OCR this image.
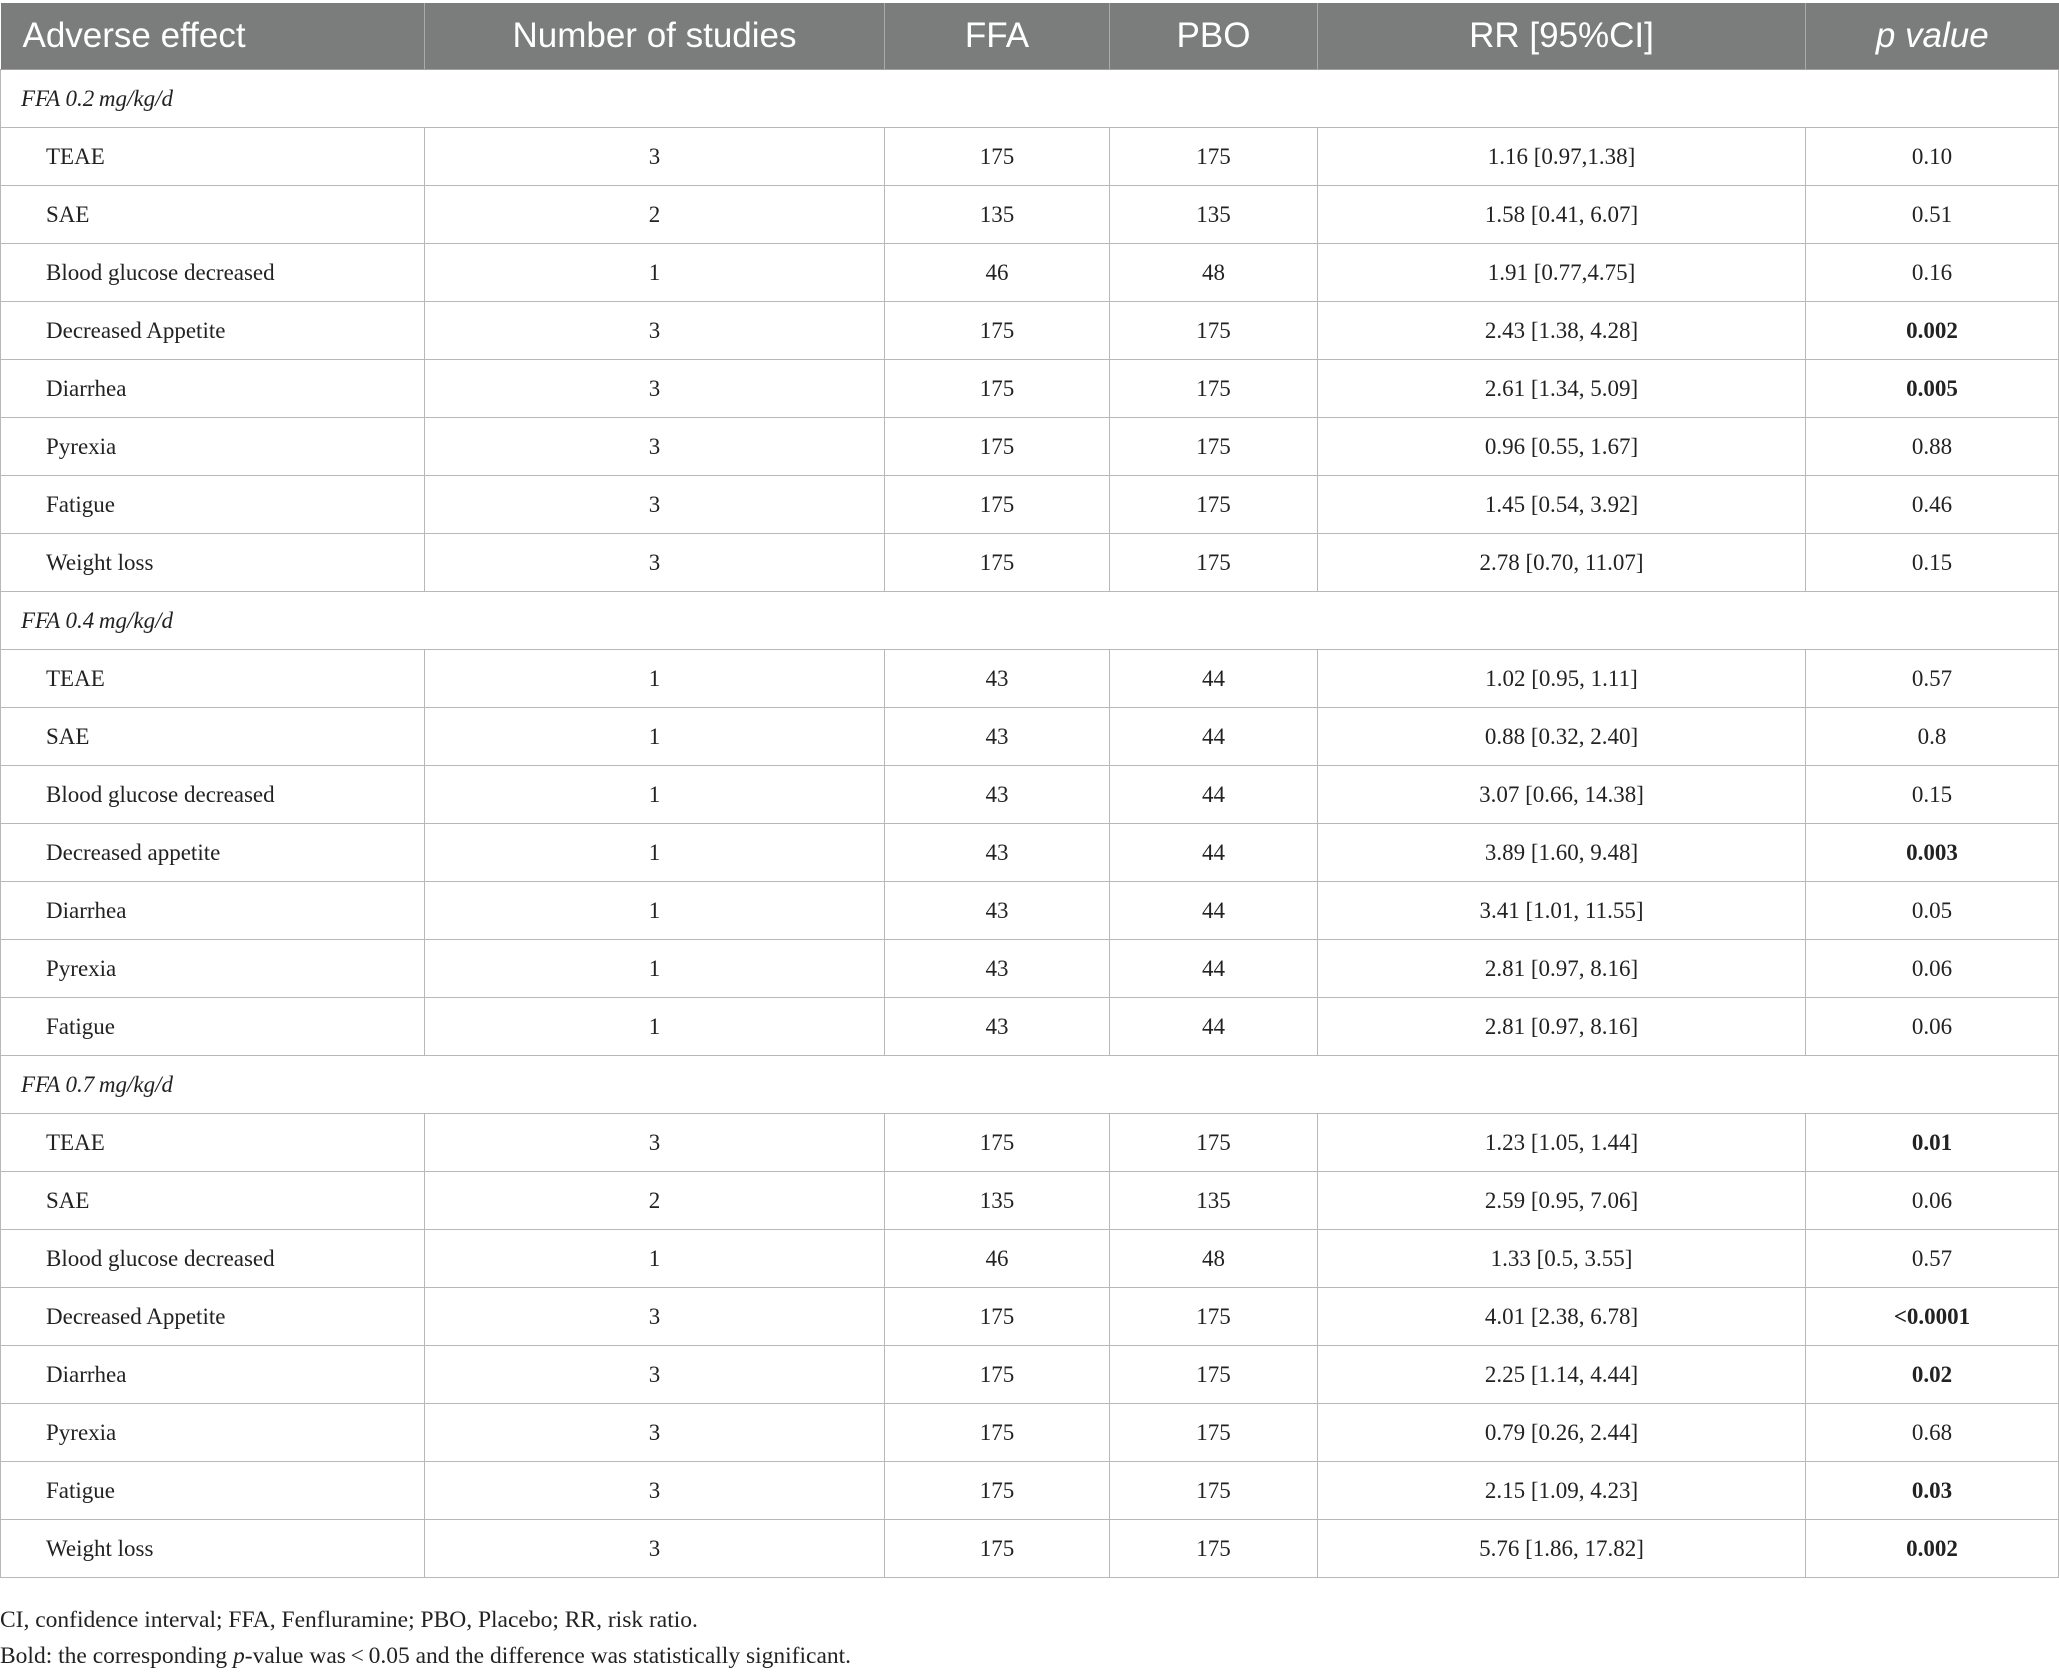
Adverse effect	Number of studies	FFA	PBO	RR [95%CI]	p value
FFA 0.2 mg/kg/d					
TEAE	3	175	175	1.16 [0.97,1.38]	0.10
SAE	2	135	135	1.58 [0.41, 6.07]	0.51
Blood glucose decreased	1	46	48	1.91 [0.77,4.75]	0.16
Decreased Appetite	3	175	175	2.43 [1.38, 4.28]	0.002
Diarrhea	3	175	175	2.61 [1.34, 5.09]	0.005
Pyrexia	3	175	175	0.96 [0.55, 1.67]	0.88
Fatigue	3	175	175	1.45 [0.54, 3.92]	0.46
Weight loss	3	175	175	2.78 [0.70, 11.07]	0.15
FFA 0.4 mg/kg/d					
TEAE	1	43	44	1.02 [0.95, 1.11]	0.57
SAE	1	43	44	0.88 [0.32, 2.40]	0.8
Blood glucose decreased	1	43	44	3.07 [0.66, 14.38]	0.15
Decreased appetite	1	43	44	3.89 [1.60, 9.48]	0.003
Diarrhea	1	43	44	3.41 [1.01, 11.55]	0.05
Pyrexia	1	43	44	2.81 [0.97, 8.16]	0.06
Fatigue	1	43	44	2.81 [0.97, 8.16]	0.06
FFA 0.7 mg/kg/d					
TEAE	3	175	175	1.23 [1.05, 1.44]	0.01
SAE	2	135	135	2.59 [0.95, 7.06]	0.06
Blood glucose decreased	1	46	48	1.33 [0.5, 3.55]	0.57
Decreased Appetite	3	175	175	4.01 [2.38, 6.78]	<0.0001
Diarrhea	3	175	175	2.25 [1.14, 4.44]	0.02
Pyrexia	3	175	175	0.79 [0.26, 2.44]	0.68
Fatigue	3	175	175	2.15 [1.09, 4.23]	0.03
Weight loss	3	175	175	5.76 [1.86, 17.82]	0.002

CI, confidence interval; FFA, Fenfluramine; PBO, Placebo; RR, risk ratio.

Bold: the corresponding p-value was < 0.05 and the difference was statistically significant.
